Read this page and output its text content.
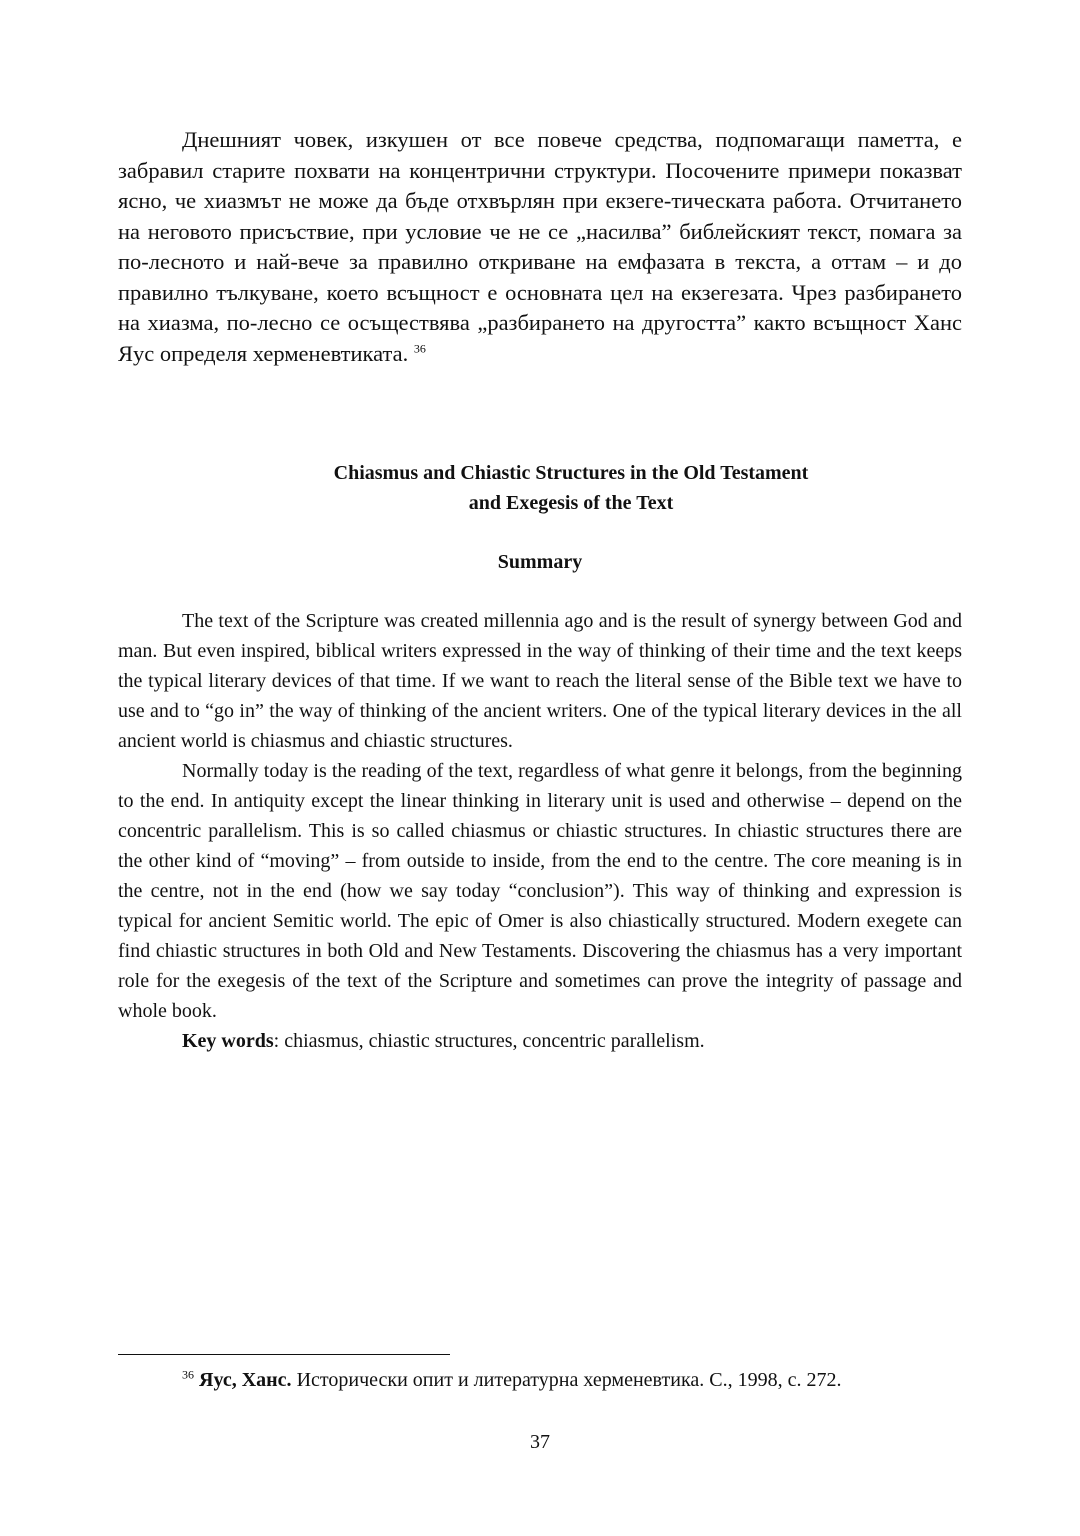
Днешният човек, изкушен от все повече средства, подпомагащи паметта, е забравил старите похвати на концентрични структури. Посочените примери показват ясно, че хиазмът не може да бъде отхвърлян при екзеге-тическата работа. Отчитането на неговото присъствие, при условие че не се „насилва” библейският текст, помага за по-лесното и най-вече за правилно откриване на емфазата в текста, а оттам – и до правилно тълкуване, което всъщност е основната цел на екзегезата. Чрез разбирането на хиазма, по-лесно се осъществява „разбирането на другостта” както всъщност Ханс Яус определя херменевтиката. $^{36}$

Chiasmus and Chiastic Structures in the Old Testament
and Exegesis of the Text
Summary

The text of the Scripture was created millennia ago and is the result of synergy between God and man. But even inspired, biblical writers expressed in the way of thinking of their time and the text keeps the typical literary devices of that time. If we want to reach the literal sense of the Bible text we have to use and to “go in” the way of thinking of the ancient writers. One of the typical literary devices in the all ancient world is chiasmus and chiastic structures.

Normally today is the reading of the text, regardless of what genre it belongs, from the beginning to the end. In antiquity except the linear thinking in literary unit is used and otherwise – depend on the concentric parallelism. This is so called chiasmus or chiastic structures. In chiastic structures there are the other kind of “moving” – from outside to inside, from the end to the centre. The core meaning is in the centre, not in the end (how we say today “conclusion”). This way of thinking and expression is typical for ancient Semitic world. The epic of Omer is also chiastically structured. Modern exegete can find chiastic structures in both Old and New Testaments. Discovering the chiasmus has a very important role for the exegesis of the text of the Scripture and sometimes can prove the integrity of passage and whole book.

Key words: chiasmus, chiastic structures, concentric parallelism.

$^{36}$ Яус, Ханс. Исторически опит и литературна херменевтика. С., 1998, с. 272.

37
